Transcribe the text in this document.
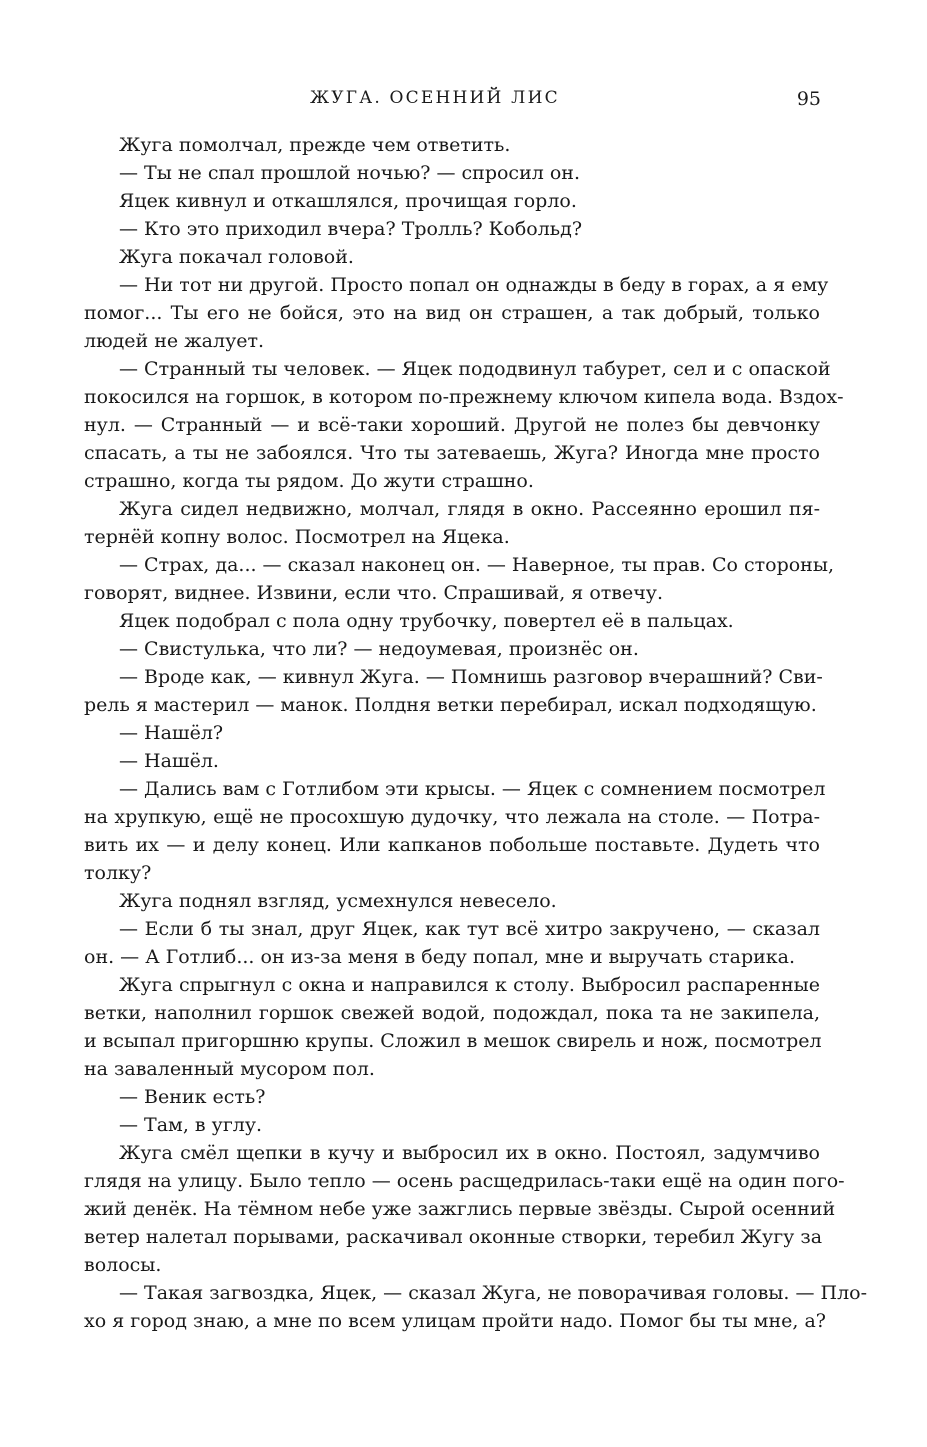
ЖУГА. ОСЕННИЙ ЛИС	95
Жуга помолчал, прежде чем ответить.
— Ты не спал прошлой ночью? — спросил он.
Яцек кивнул и откашлялся, прочищая горло.
— Кто это приходил вчера? Тролль? Кобольд?
Жуга покачал головой.
— Ни тот ни другой. Просто попал он однажды в беду в горах, а я ему
помог... Ты его не бойся, это на вид он страшен, а так добрый, только
людей не жалует.
— Странный ты человек. — Яцек пододвинул табурет, сел и с опаской
покосился на горшок, в котором по-прежнему ключом кипела вода. Вздох-
нул. — Странный — и всё-таки хороший. Другой не полез бы девчонку
спасать, а ты не забоялся. Что ты затеваешь, Жуга? Иногда мне просто
страшно, когда ты рядом. До жути страшно.
Жуга сидел недвижно, молчал, глядя в окно. Рассеянно ерошил пя-
тернёй копну волос. Посмотрел на Яцека.
— Страх, да... — сказал наконец он. — Наверное, ты прав. Со стороны,
говорят, виднее. Извини, если что. Спрашивай, я отвечу.
Яцек подобрал с пола одну трубочку, повертел её в пальцах.
— Свистулька, что ли? — недоумевая, произнёс он.
— Вроде как, — кивнул Жуга. — Помнишь разговор вчерашний? Сви-
рель я мастерил — манок. Полдня ветки перебирал, искал подходящую.
— Нашёл?
— Нашёл.
— Дались вам с Готлибом эти крысы. — Яцек с сомнением посмотрел
на хрупкую, ещё не просохшую дудочку, что лежала на столе. — Потра-
вить их — и делу конец. Или капканов побольше поставьте. Дудеть что
толку?
Жуга поднял взгляд, усмехнулся невесело.
— Если б ты знал, друг Яцек, как тут всё хитро закручено, — сказал
он. — А Готлиб... он из-за меня в беду попал, мне и выручать старика.
Жуга спрыгнул с окна и направился к столу. Выбросил распаренные
ветки, наполнил горшок свежей водой, подождал, пока та не закипела,
и всыпал пригоршню крупы. Сложил в мешок свирель и нож, посмотрел
на заваленный мусором пол.
— Веник есть?
— Там, в углу.
Жуга смёл щепки в кучу и выбросил их в окно. Постоял, задумчиво
глядя на улицу. Было тепло — осень расщедрилась-таки ещё на один пого-
жий денёк. На тёмном небе уже зажглись первые звёзды. Сырой осенний
ветер налетал порывами, раскачивал оконные створки, теребил Жугу за
волосы.
— Такая загвоздка, Яцек, — сказал Жуга, не поворачивая головы. — Пло-
хо я город знаю, а мне по всем улицам пройти надо. Помог бы ты мне, а?
